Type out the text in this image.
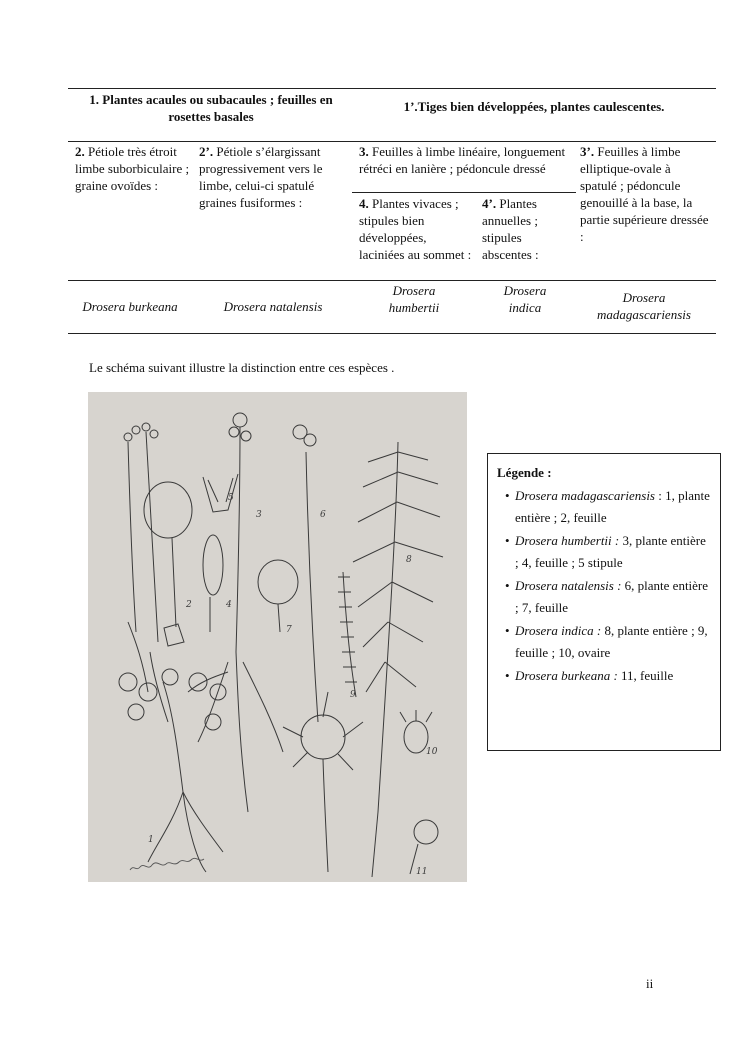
1. Plantes acaules ou subacaules ; feuilles en rosettes basales
1’.Tiges bien développées, plantes caulescentes.
2. Pétiole très étroit limbe suborbiculaire ; graine ovoïdes :
2’. Pétiole s’élargissant progressivement vers le limbe, celui-ci spatulé graines fusiformes :
3. Feuilles à limbe linéaire, longuement rétréci en lanière ; pédoncule dressé
3’. Feuilles à limbe elliptique-ovale à spatulé ; pédoncule genouillé à la base, la partie supérieure dressée :
4. Plantes vivaces ; stipules bien développées, laciniées au sommet :
4’. Plantes annuelles ; stipules abscentes :
Drosera burkeana	Drosera natalensis
Drosera humbertii
Drosera indica
Drosera madagascariensis
Le schéma suivant illustre la distinction entre ces espèces .
1
2
3
4
5
6
7
8
9
10
11
Légende :
• Drosera madagascariensis : 1, plante entière ; 2, feuille
• Drosera humbertii : 3, plante entière ; 4, feuille ; 5 stipule
• Drosera natalensis : 6, plante entière ; 7, feuille
• Drosera indica : 8, plante entière ; 9, feuille ; 10, ovaire
• Drosera burkeana : 11, feuille
ii
